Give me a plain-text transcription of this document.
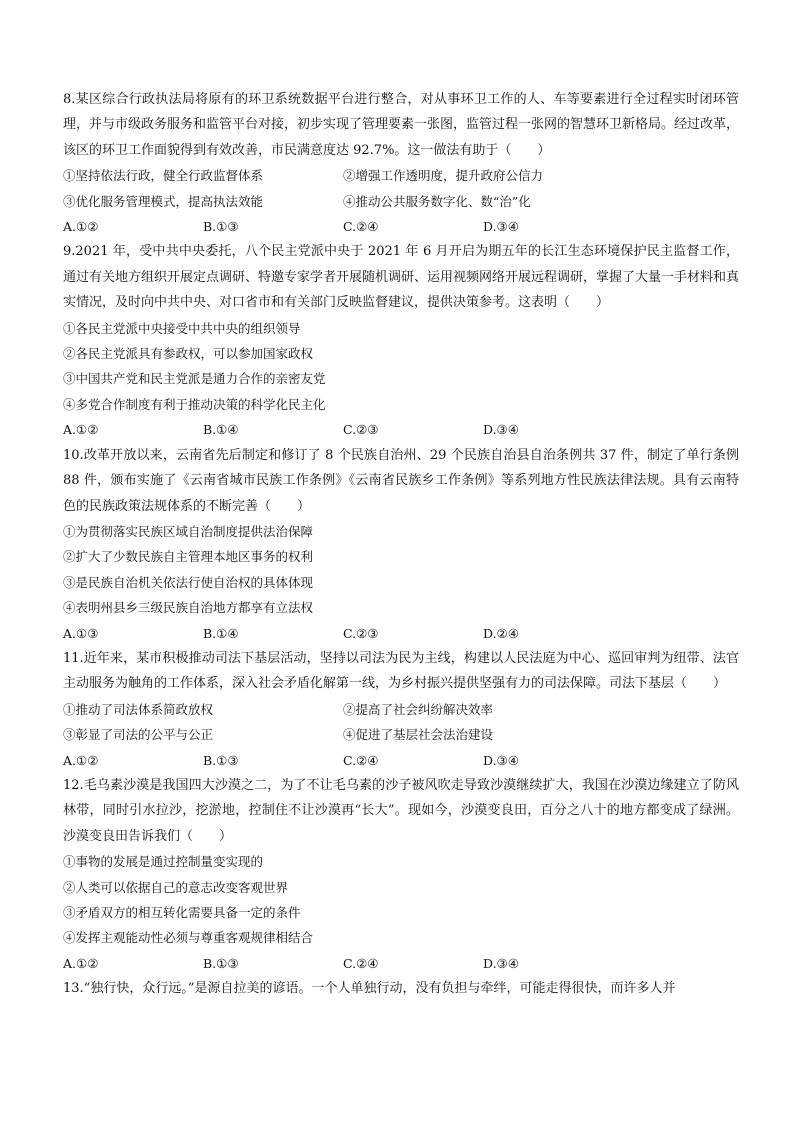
8.某区综合行政执法局将原有的环卫系统数据平台进行整合，对从事环卫工作的人、车等要素进行全过程实时闭环管理，并与市级政务服务和监管平台对接，初步实现了管理要素一张图，监管过程一张网的智慧环卫新格局。经过改革，该区的环卫工作面貌得到有效改善，市民满意度达 92.7%。这一做法有助于（　　）

①坚持依法行政，健全行政监督体系	②增强工作透明度，提升政府公信力
③优化服务管理模式，提高执法效能	④推动公共服务数字化、数“治”化
A.①②	B.①③	C.②④	D.③④

9.2021 年，受中共中央委托，八个民主党派中央于 2021 年 6 月开启为期五年的长江生态环境保护民主监督工作，通过有关地方组织开展定点调研、特邀专家学者开展随机调研、运用视频网络开展远程调研，掌握了大量一手材料和真实情况，及时向中共中央、对口省市和有关部门反映监督建议，提供决策参考。这表明（　　）

①各民主党派中央接受中共中央的组织领导

②各民主党派具有参政权，可以参加国家政权

③中国共产党和民主党派是通力合作的亲密友党

④多党合作制度有利于推动决策的科学化民主化

A.①②	B.①④	C.②③	D.③④

10.改革开放以来，云南省先后制定和修订了 8 个民族自治州、29 个民族自治县自治条例共 37 件，制定了单行条例 88 件，颁布实施了《云南省城市民族工作条例》《云南省民族乡工作条例》等系列地方性民族法律法规。具有云南特色的民族政策法规体系的不断完善（　　）

①为贯彻落实民族区域自治制度提供法治保障

②扩大了少数民族自主管理本地区事务的权利

③是民族自治机关依法行使自治权的具体体现

④表明州县乡三级民族自治地方都享有立法权

A.①③	B.①④	C.②③	D.②④

11.近年来，某市积极推动司法下基层活动，坚持以司法为民为主线，构建以人民法庭为中心、巡回审判为纽带、法官主动服务为触角的工作体系，深入社会矛盾化解第一线，为乡村振兴提供坚强有力的司法保障。司法下基层（　　）

①推动了司法体系简政放权	②提高了社会纠纷解决效率
③彰显了司法的公平与公正	④促进了基层社会法治建设
A.①②	B.①③	C.②④	D.③④

12.毛乌素沙漠是我国四大沙漠之二，为了不让毛乌素的沙子被风吹走导致沙漠继续扩大，我国在沙漠边缘建立了防风林带，同时引水拉沙，挖淤地，控制住不让沙漠再“长大”。现如今，沙漠变良田，百分之八十的地方都变成了绿洲。沙漠变良田告诉我们（　　）

①事物的发展是通过控制量变实现的

②人类可以依据自己的意志改变客观世界

③矛盾双方的相互转化需要具备一定的条件

④发挥主观能动性必须与尊重客观规律相结合

A.①②	B.①③	C.②④	D.③④

13.“独行快，众行远。”是源自拉美的谚语。一个人单独行动，没有负担与牵绊，可能走得很快，而许多人并
